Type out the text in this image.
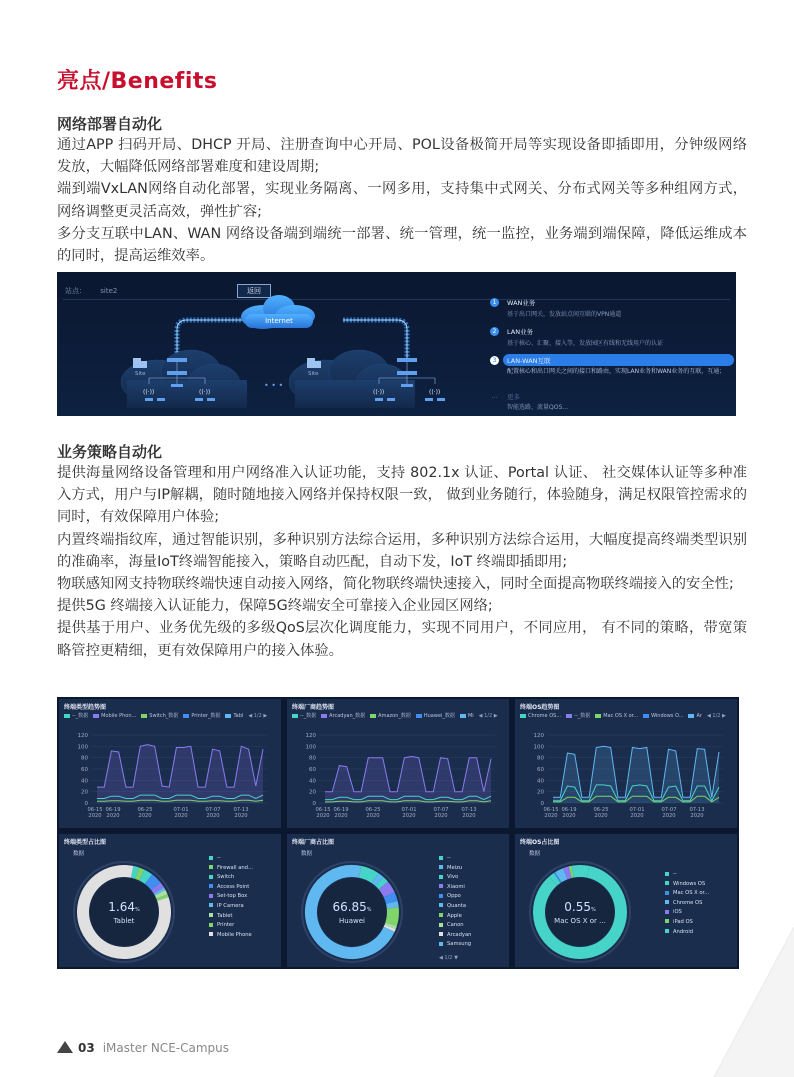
亮点/Benefits
网络部署自动化

通过APP 扫码开局、DHCP 开局、注册查询中心开局、POL设备极简开局等实现设备即插即用，分钟级网络发放，大幅降低网络部署难度和建设周期;
端到端VxLAN网络自动化部署，实现业务隔离、一网多用，支持集中式网关、分布式网关等多种组网方式，网络调整更灵活高效，弹性扩容;
多分支互联中LAN、WAN 网络设备端到端统一部署、统一管理，统一监控，业务端到端保障，降低运维成本的同时，提高运维效率。

站点： site2	返回
Internet
Site	Site
((·))	((·))	((·))	((·))
• • •
1 WAN业务
基于出口网关，发放站点间互联的VPN通道
2 LAN业务
基于核心、汇聚、接入等，发放园区有线和无线用户的认证
3 LAN-WAN互联
配置核心和出口网关之间的接口和路由，实现LAN业务和WAN业务的互联，互通；
… 更多
智能选路、流量QOS...
业务策略自动化

提供海量网络设备管理和用户网络准入认证功能，支持 802.1x 认证、Portal 认证、 社交媒体认证等多种准入方式，用户与IP解耦，随时随地接入网络并保持权限一致， 做到业务随行，体验随身，满足权限管控需求的同时，有效保障用户体验;
内置终端指纹库，通过智能识别，多种识别方法综合运用，多种识别方法综合运用，大幅度提高终端类型识别的准确率，海量IoT终端智能接入，策略自动匹配，自动下发，IoT 终端即插即用;
物联感知网支持物联终端快速自动接入网络，简化物联终端快速接入，同时全面提高物联终端接入的安全性;
提供5G 终端接入认证能力，保障5G终端安全可靠接入企业园区网络;
提供基于用户、业务优先级的多级QoS层次化调度能力，实现不同用户，不同应用， 有不同的策略，带宽策略管控更精细，更有效保障用户的接入体验。

终端类型趋势图
--_数据	Mobile Phon...	Switch_数据	Printer_数据	Tabl ◀ 1/2 ▶
0
20
40
60
80
100
120
06-15 2020
06-19 2020
06-25 2020
07-01 2020
07-07 2020
07-13 2020
终端厂商趋势图
--_数据	Arcadyan_数据	Amazon_数据	Huawei_数据	Mi ◀ 1/2 ▶
0
20
40
60
80
100
120
06-15 2020
06-19 2020
06-25 2020
07-01 2020
07-07 2020
07-13 2020
终端OS趋势图
Chrome OS...	--_数据	Mac OS X or...	Windows O...	Ar ◀ 1/2 ▶
0
20
40
60
80
100
120
06-15 2020
06-19 2020
06-25 2020
07-01 2020
07-07 2020
07-13 2020
终端类型占比图
数据
1.64%
Tablet
--
Firewall and...
Switch
Access Point
Set-top Box
IP Camera
Tablet
Printer
Mobile Phone
终端厂商占比图
数据
66.85%
Huawei
--
Meizu
Vivo
Xiaomi
Oppo
Quanta
Apple
Canon
Arcadyan
Samsung
◀ 1/2 ▼
终端OS占比图
数据
0.55%
Mac OS X or ...
--
Windows OS
Mac OS X or...
Chrome OS
iOS
iPad OS
Android
03 iMaster NCE-Campus
